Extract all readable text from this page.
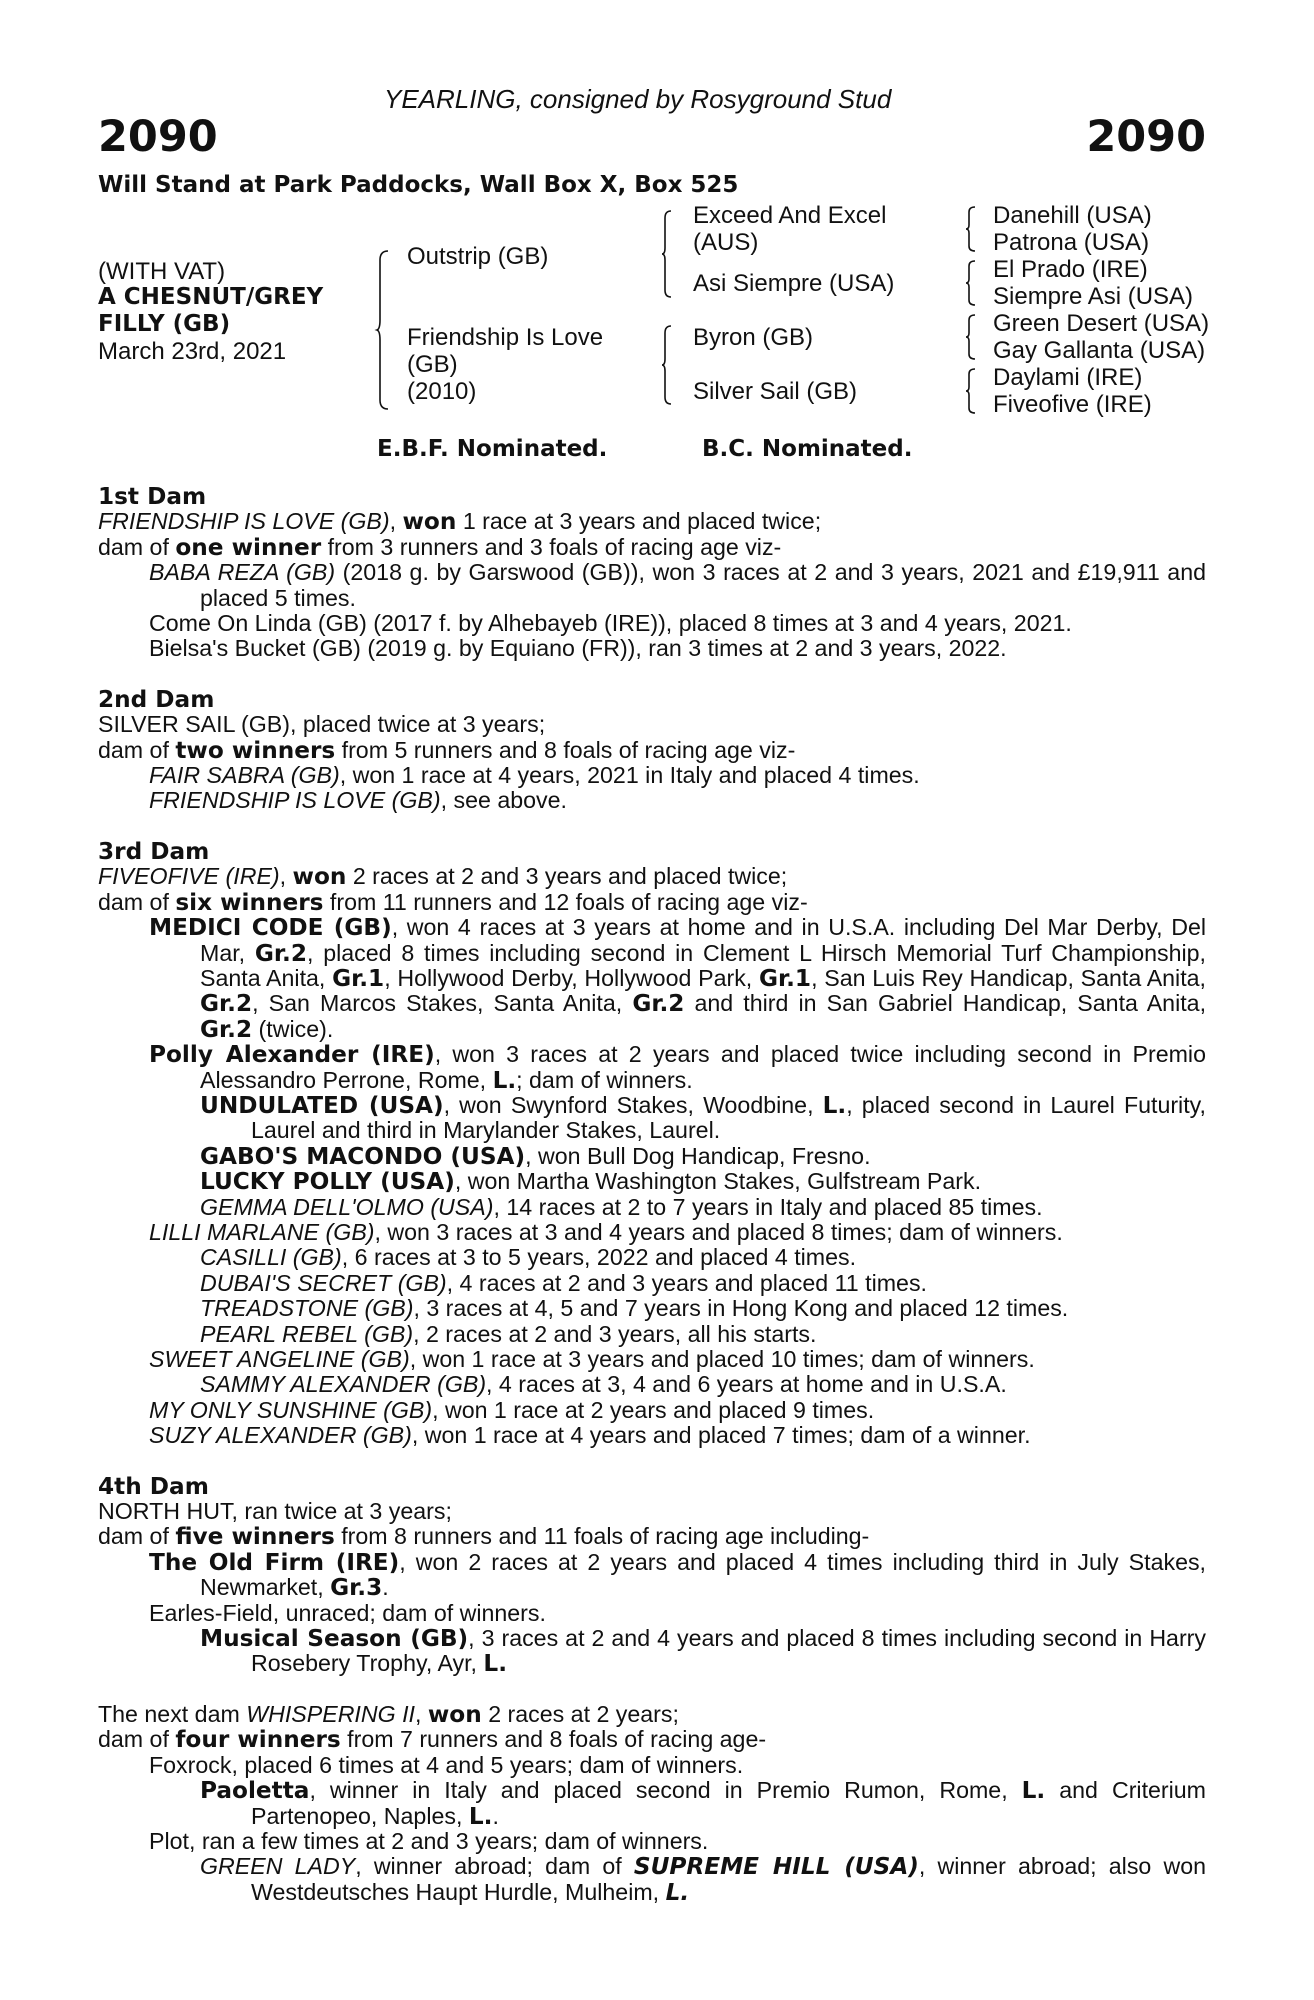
YEARLING, consigned by Rosyground Stud
2090	2090
Will Stand at Park Paddocks, Wall Box X, Box 525
(WITH VAT)
A CHESNUT/GREY
FILLY (GB)
March 23rd, 2021
Outstrip (GB)
Friendship Is Love
(GB)
(2010)
Exceed And Excel
(AUS)
Asi Siempre (USA)
Byron (GB)
Silver Sail (GB)
Danehill (USA)
Patrona (USA)
El Prado (IRE)
Siempre Asi (USA)
Green Desert (USA)
Gay Gallanta (USA)
Daylami (IRE)
Fiveofive (IRE)
E.B.F. Nominated.	B.C. Nominated.

1st Dam

FRIENDSHIP IS LOVE (GB), won 1 race at 3 years and placed twice;

dam of one winner from 3 runners and 3 foals of racing age viz-

BABA REZA (GB) (2018 g. by Garswood (GB)), won 3 races at 2 and 3 years, 2021 and £19,911 and placed 5 times.

Come On Linda (GB) (2017 f. by Alhebayeb (IRE)), placed 8 times at 3 and 4 years, 2021.

Bielsa's Bucket (GB) (2019 g. by Equiano (FR)), ran 3 times at 2 and 3 years, 2022.

2nd Dam

SILVER SAIL (GB), placed twice at 3 years;

dam of two winners from 5 runners and 8 foals of racing age viz-

FAIR SABRA (GB), won 1 race at 4 years, 2021 in Italy and placed 4 times.

FRIENDSHIP IS LOVE (GB), see above.

3rd Dam

FIVEOFIVE (IRE), won 2 races at 2 and 3 years and placed twice;

dam of six winners from 11 runners and 12 foals of racing age viz-

MEDICI CODE (GB), won 4 races at 3 years at home and in U.S.A. including Del Mar Derby, Del Mar, Gr.2, placed 8 times including second in Clement L Hirsch Memorial Turf Championship, Santa Anita, Gr.1, Hollywood Derby, Hollywood Park, Gr.1, San Luis Rey Handicap, Santa Anita, Gr.2, San Marcos Stakes, Santa Anita, Gr.2 and third in San Gabriel Handicap, Santa Anita, Gr.2 (twice).

Polly Alexander (IRE), won 3 races at 2 years and placed twice including second in Premio Alessandro Perrone, Rome, L.; dam of winners.

UNDULATED (USA), won Swynford Stakes, Woodbine, L., placed second in Laurel Futurity, Laurel and third in Marylander Stakes, Laurel.

GABO'S MACONDO (USA), won Bull Dog Handicap, Fresno.

LUCKY POLLY (USA), won Martha Washington Stakes, Gulfstream Park.

GEMMA DELL'OLMO (USA), 14 races at 2 to 7 years in Italy and placed 85 times.

LILLI MARLANE (GB), won 3 races at 3 and 4 years and placed 8 times; dam of winners.

CASILLI (GB), 6 races at 3 to 5 years, 2022 and placed 4 times.

DUBAI'S SECRET (GB), 4 races at 2 and 3 years and placed 11 times.

TREADSTONE (GB), 3 races at 4, 5 and 7 years in Hong Kong and placed 12 times.

PEARL REBEL (GB), 2 races at 2 and 3 years, all his starts.

SWEET ANGELINE (GB), won 1 race at 3 years and placed 10 times; dam of winners.

SAMMY ALEXANDER (GB), 4 races at 3, 4 and 6 years at home and in U.S.A.

MY ONLY SUNSHINE (GB), won 1 race at 2 years and placed 9 times.

SUZY ALEXANDER (GB), won 1 race at 4 years and placed 7 times; dam of a winner.

4th Dam

NORTH HUT, ran twice at 3 years;

dam of five winners from 8 runners and 11 foals of racing age including-

The Old Firm (IRE), won 2 races at 2 years and placed 4 times including third in July Stakes, Newmarket, Gr.3.

Earles-Field, unraced; dam of winners.

Musical Season (GB), 3 races at 2 and 4 years and placed 8 times including second in Harry Rosebery Trophy, Ayr, L.

The next dam WHISPERING II, won 2 races at 2 years;

dam of four winners from 7 runners and 8 foals of racing age-

Foxrock, placed 6 times at 4 and 5 years; dam of winners.

Paoletta, winner in Italy and placed second in Premio Rumon, Rome, L. and Criterium Partenopeo, Naples, L..

Plot, ran a few times at 2 and 3 years; dam of winners.

GREEN LADY, winner abroad; dam of SUPREME HILL (USA), winner abroad; also won Westdeutsches Haupt Hurdle, Mulheim, L.
